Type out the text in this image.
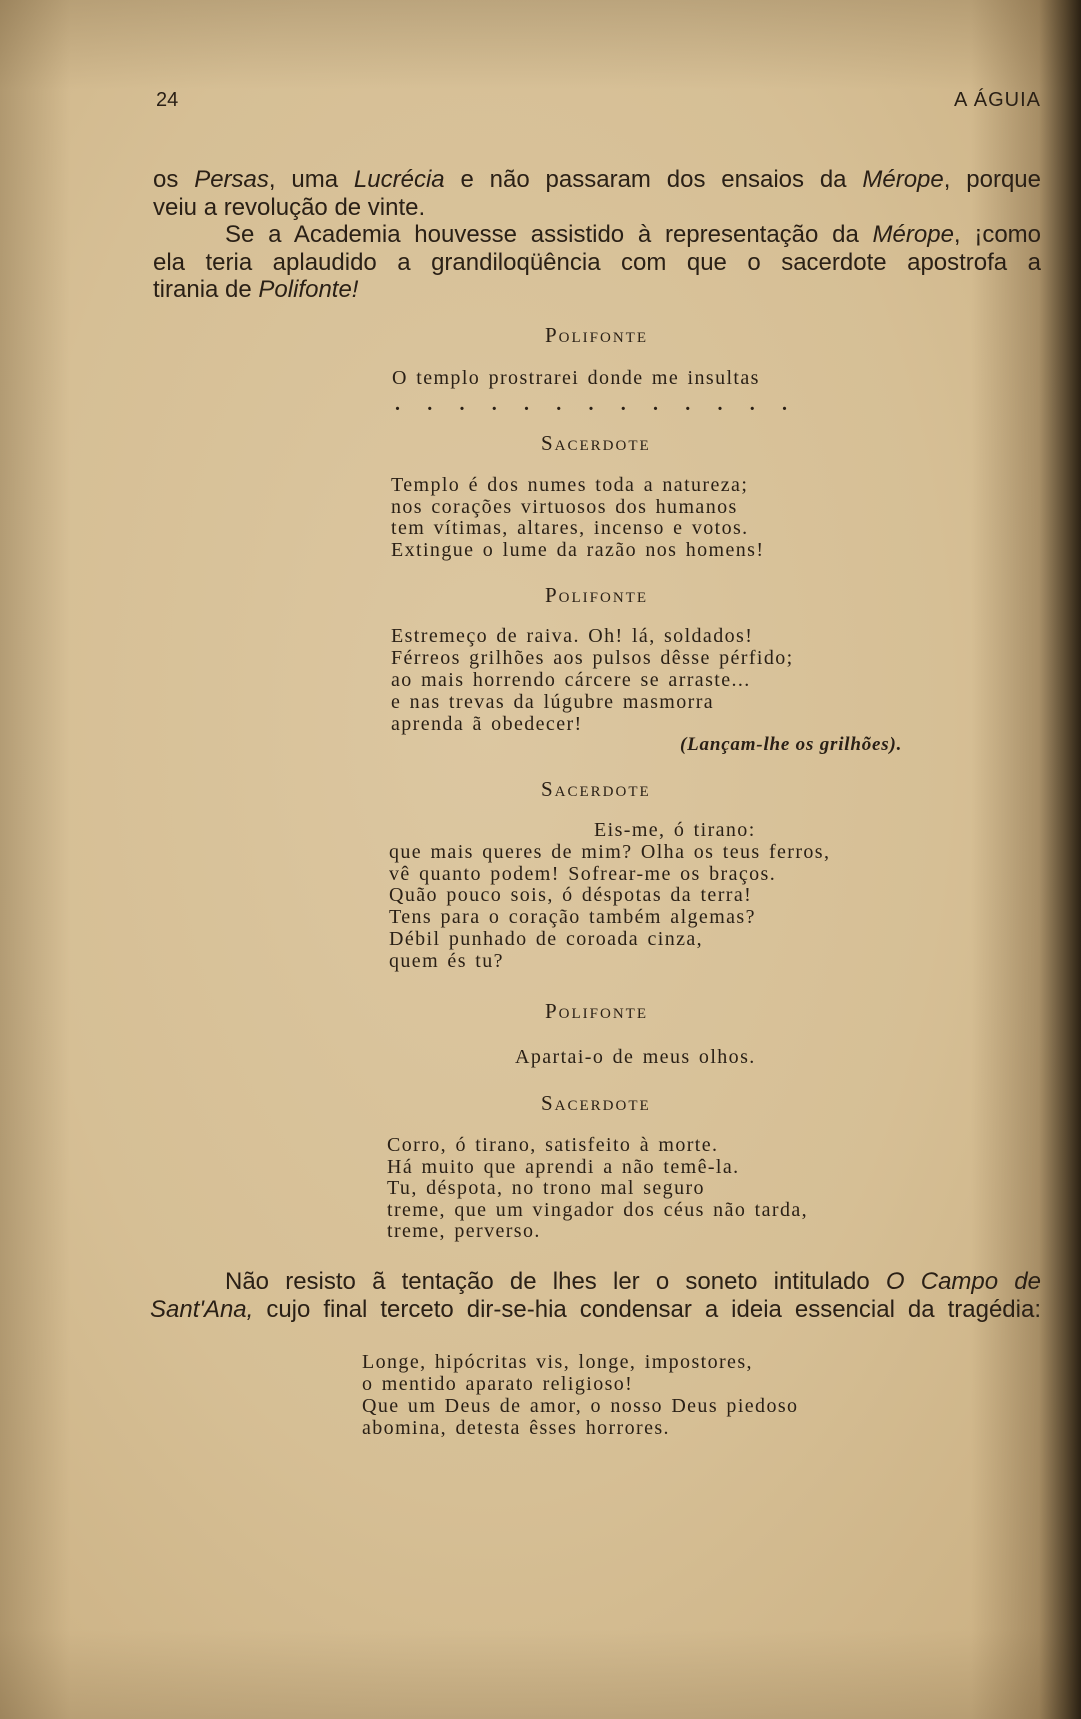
24	A ÁGUIA
os Persas, uma Lucrécia e não passaram dos ensaios da Mérope, porque
veiu a revolução de vinte.
Se a Academia houvesse assistido à representação da Mérope, ¡como
ela teria aplaudido a grandiloqüência com que o sacerdote apostrofa a
tirania de Polifonte!
Polifonte
O templo prostrarei donde me insultas
. . . . . . . . . . . . .
Sacerdote
Templo é dos numes toda a natureza;
nos corações virtuosos dos humanos
tem vítimas, altares, incenso e votos.
Extingue o lume da razão nos homens!
Polifonte
Estremeço de raiva. Oh! lá, soldados!
Férreos grilhões aos pulsos dêsse pérfido;
ao mais horrendo cárcere se arraste...
e nas trevas da lúgubre masmorra
aprenda ã obedecer!
(Lançam-lhe os grilhões).
Sacerdote
Eis-me, ó tirano:
que mais queres de mim? Olha os teus ferros,
vê quanto podem! Sofrear-me os braços.
Quão pouco sois, ó déspotas da terra!
Tens para o coração também algemas?
Débil punhado de coroada cinza,
quem és tu?
Polifonte
Apartai-o de meus olhos.
Sacerdote
Corro, ó tirano, satisfeito à morte.
Há muito que aprendi a não temê-la.
Tu, déspota, no trono mal seguro
treme, que um vingador dos céus não tarda,
treme, perverso.
Não resisto ã tentação de lhes ler o soneto intitulado O Campo de
Sant'Ana, cujo final terceto dir-se-hia condensar a ideia essencial da tragédia:
Longe, hipócritas vis, longe, impostores,
o mentido aparato religioso!
Que um Deus de amor, o nosso Deus piedoso
abomina, detesta êsses horrores.
